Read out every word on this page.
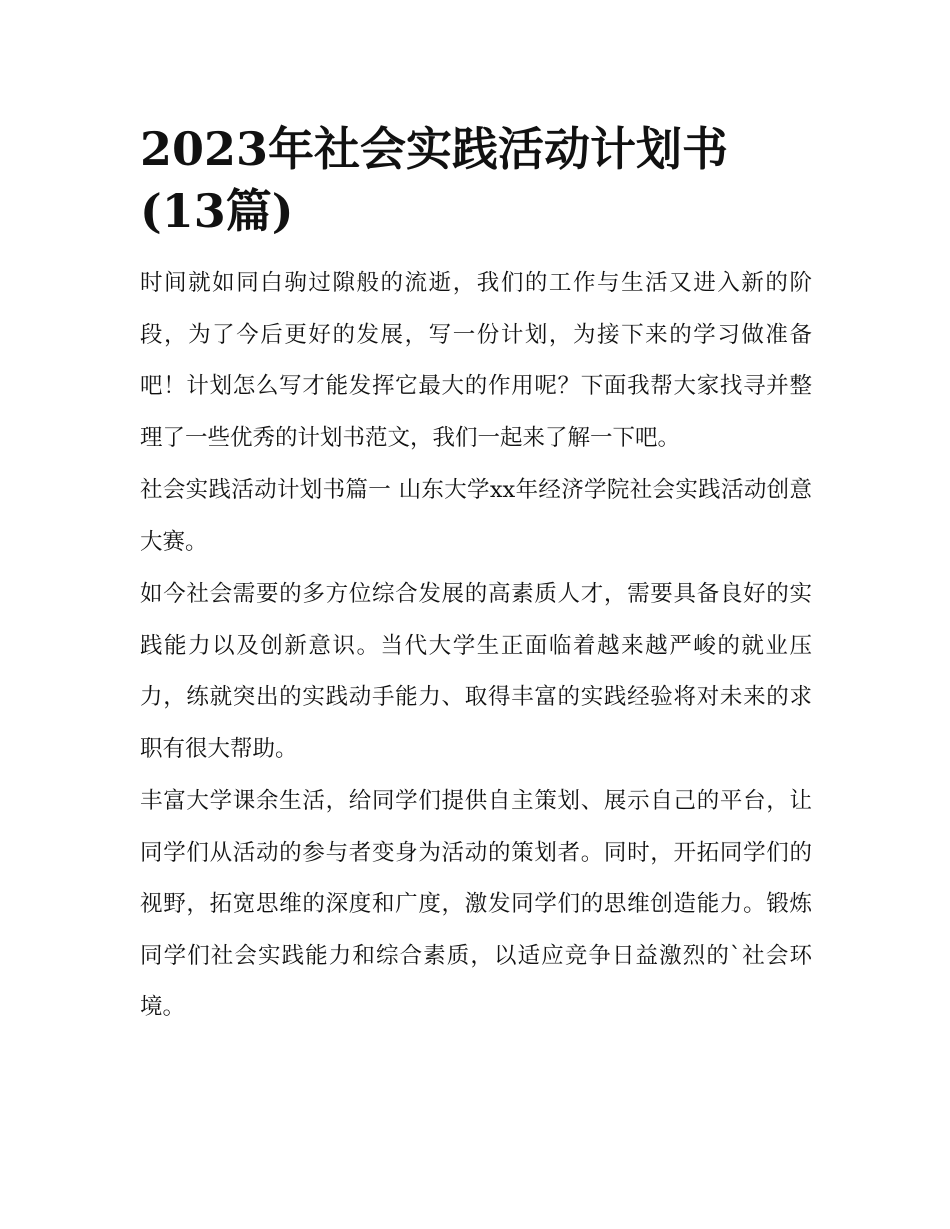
2023年社会实践活动计划书
(13篇)

时间就如同白驹过隙般的流逝，我们的工作与生活又进入新的阶段，为了今后更好的发展，写一份计划，为接下来的学习做准备吧！计划怎么写才能发挥它最大的作用呢？下面我帮大家找寻并整理了一些优秀的计划书范文，我们一起来了解一下吧。

社会实践活动计划书篇一 山东大学xx年经济学院社会实践活动创意大赛。

如今社会需要的多方位综合发展的高素质人才，需要具备良好的实践能力以及创新意识。当代大学生正面临着越来越严峻的就业压力，练就突出的实践动手能力、取得丰富的实践经验将对未来的求职有很大帮助。

丰富大学课余生活，给同学们提供自主策划、展示自己的平台，让同学们从活动的参与者变身为活动的策划者。同时，开拓同学们的视野，拓宽思维的深度和广度，激发同学们的思维创造能力。锻炼同学们社会实践能力和综合素质，以适应竞争日益激烈的`社会环境。
